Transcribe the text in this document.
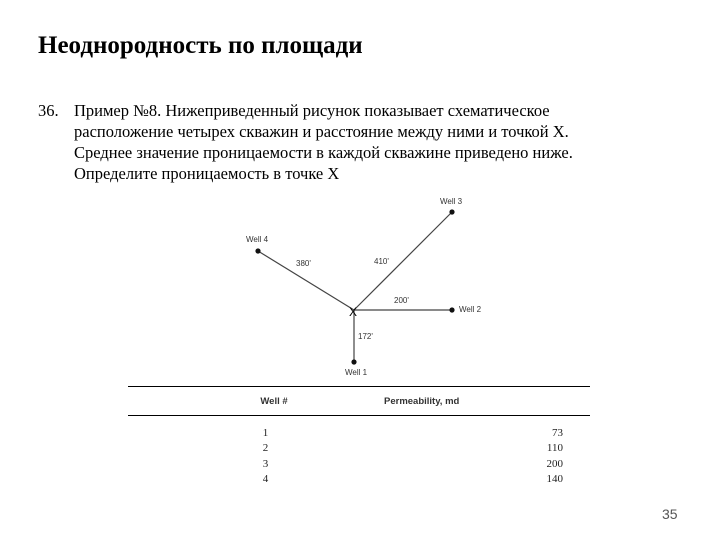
Неоднородность по площади
36. Пример №8. Нижеприведенный рисунок показывает схематическое
расположение четырех скважин и расстояние между ними и точкой X.
Среднее значение проницаемости в каждой скважине приведено ниже.
Определите проницаемость в точке X
X
Well 1
Well 2
Well 3
Well 4
172'
200'
410'
380'
Well #	Permeability, md
1	73
2	110
3	200
4	140
35
